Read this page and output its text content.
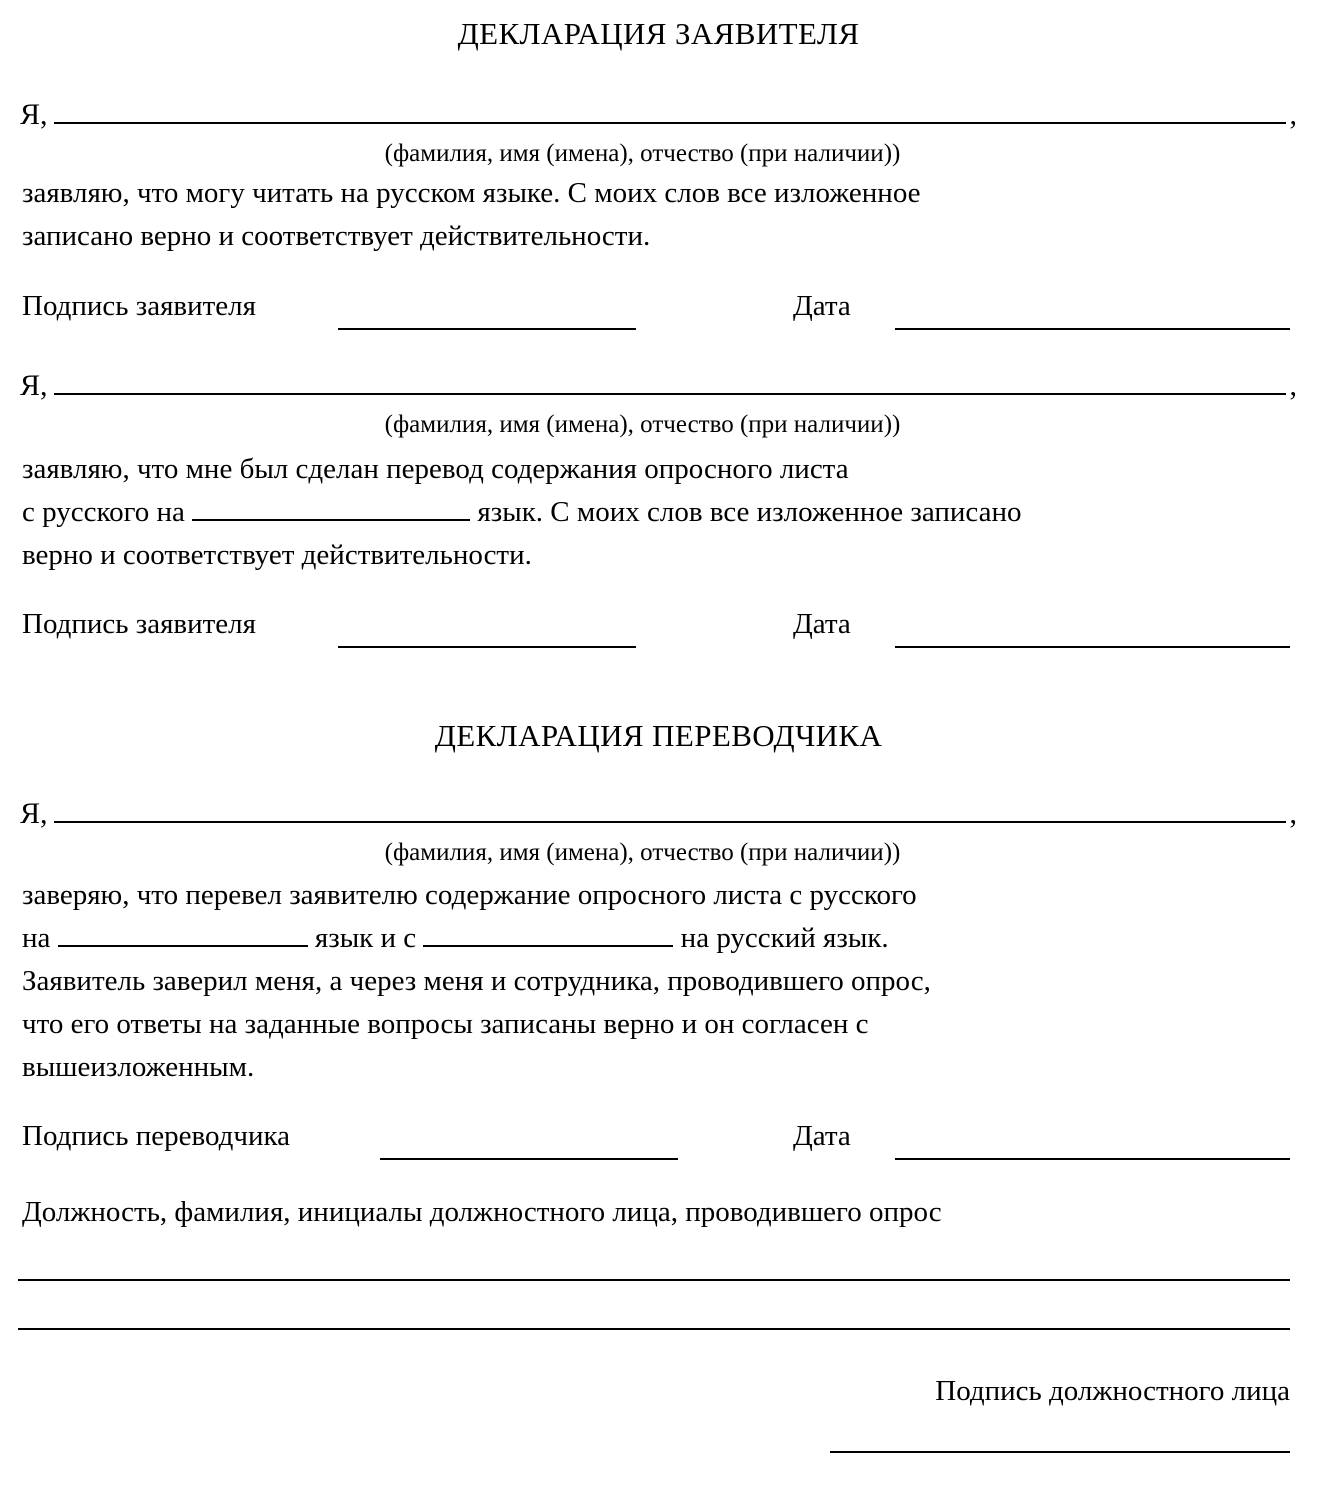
ДЕКЛАРАЦИЯ ЗАЯВИТЕЛЯ
Я,	,
(фамилия, имя (имена), отчество (при наличии))
заявляю, что могу читать на русском языке. С моих слов все изложенное
записано верно и соответствует действительности.
Подпись заявителя	Дата
Я,	,
(фамилия, имя (имена), отчество (при наличии))
заявляю, что мне был сделан перевод содержания опросного листа
с русского на	язык. С моих слов все изложенное записано
верно и соответствует действительности.
Подпись заявителя	Дата
ДЕКЛАРАЦИЯ ПЕРЕВОДЧИКА
Я,	,
(фамилия, имя (имена), отчество (при наличии))
заверяю, что перевел заявителю содержание опросного листа с русского
на	язык и с	на русский язык.
Заявитель заверил меня, а через меня и сотрудника, проводившего опрос,
что его ответы на заданные вопросы записаны верно и он согласен с
вышеизложенным.
Подпись переводчика	Дата
Должность, фамилия, инициалы должностного лица, проводившего опрос
Подпись должностного лица
